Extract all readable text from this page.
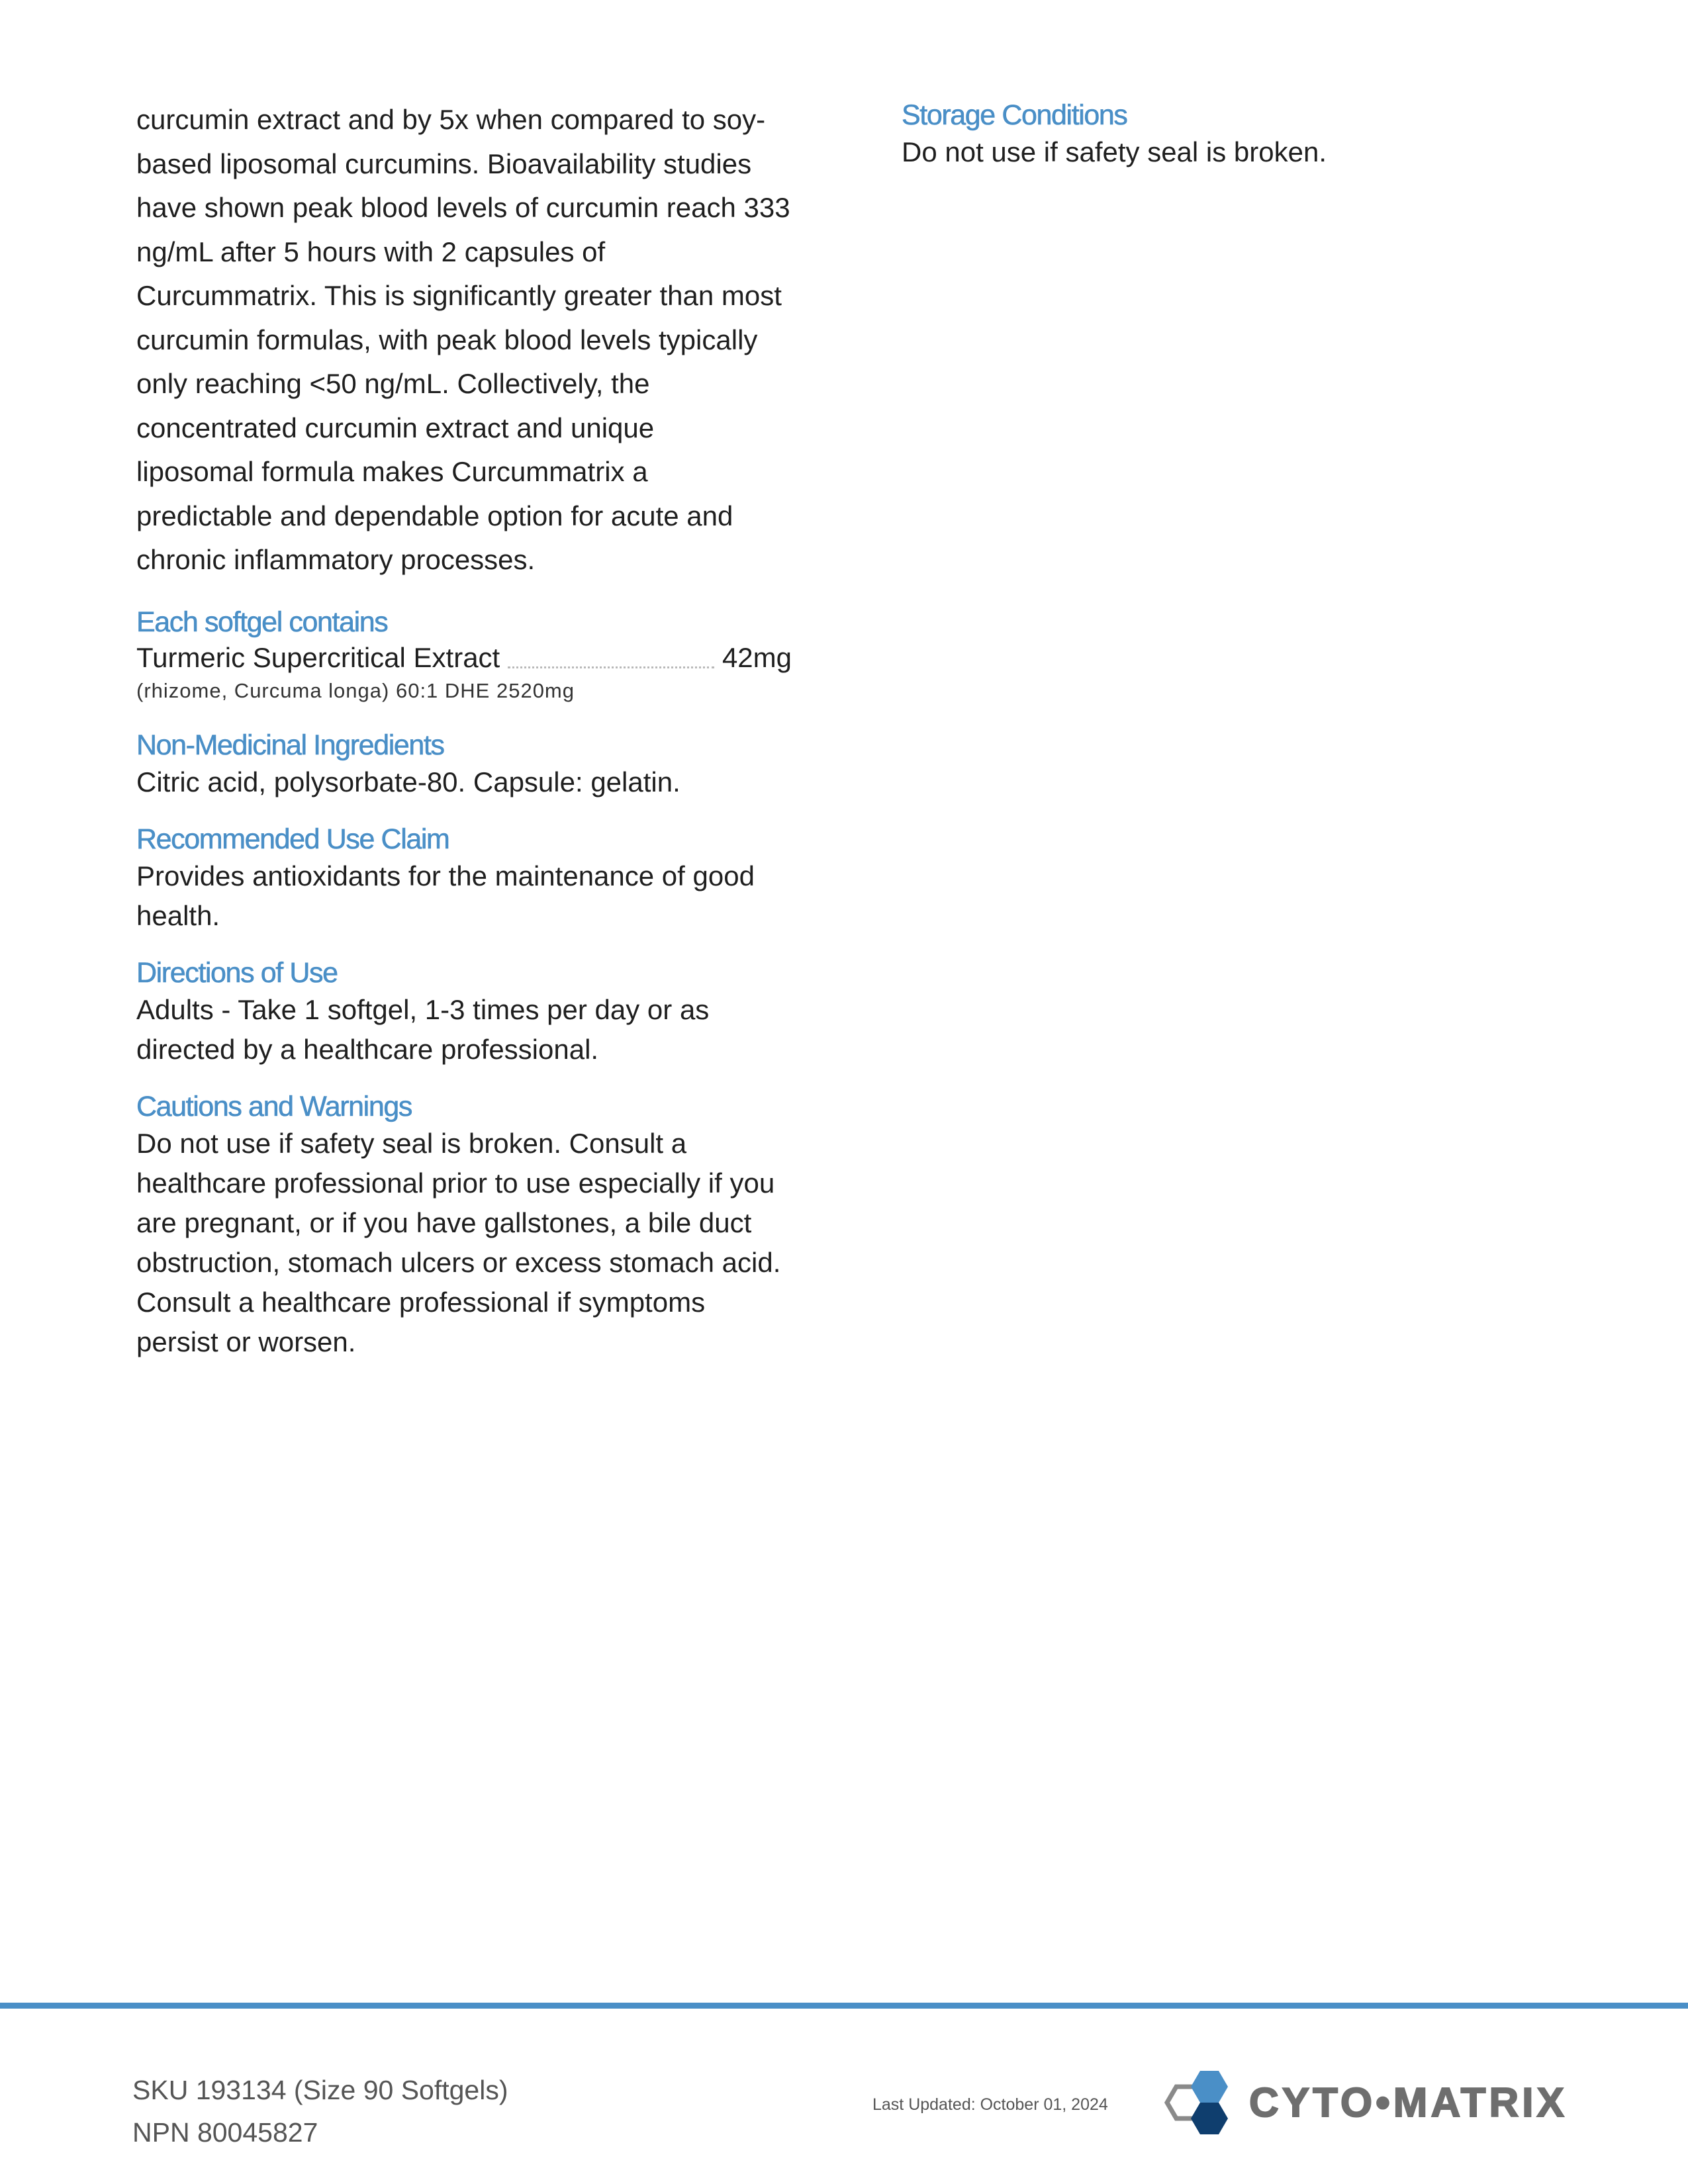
curcumin extract and by 5x when compared to soy-

based liposomal curcumins. Bioavailability studies

have shown peak blood levels of curcumin reach 333

ng/mL after 5 hours with 2 capsules of

Curcummatrix. This is significantly greater than most

curcumin formulas, with peak blood levels typically

only reaching <50 ng/mL. Collectively, the

concentrated curcumin extract and unique

liposomal formula makes Curcummatrix a

predictable and dependable option for acute and

chronic inflammatory processes.

Each softgel contains
Turmeric Supercritical Extract	42mg
(rhizome, Curcuma longa) 60:1 DHE 2520mg
Non-Medicinal Ingredients

Citric acid, polysorbate-80. Capsule: gelatin.

Recommended Use Claim

Provides antioxidants for the maintenance of good

health.

Directions of Use

Adults - Take 1 softgel, 1-3 times per day or as

directed by a healthcare professional.

Cautions and Warnings

Do not use if safety seal is broken. Consult a

healthcare professional prior to use especially if you

are pregnant, or if you have gallstones, a bile duct

obstruction, stomach ulcers or excess stomach acid.

Consult a healthcare professional if symptoms

persist or worsen.

Storage Conditions

Do not use if safety seal is broken.

SKU 193134 (Size 90 Softgels)
NPN 80045827
Last Updated: October 01, 2024	CYTO•MATRIX
